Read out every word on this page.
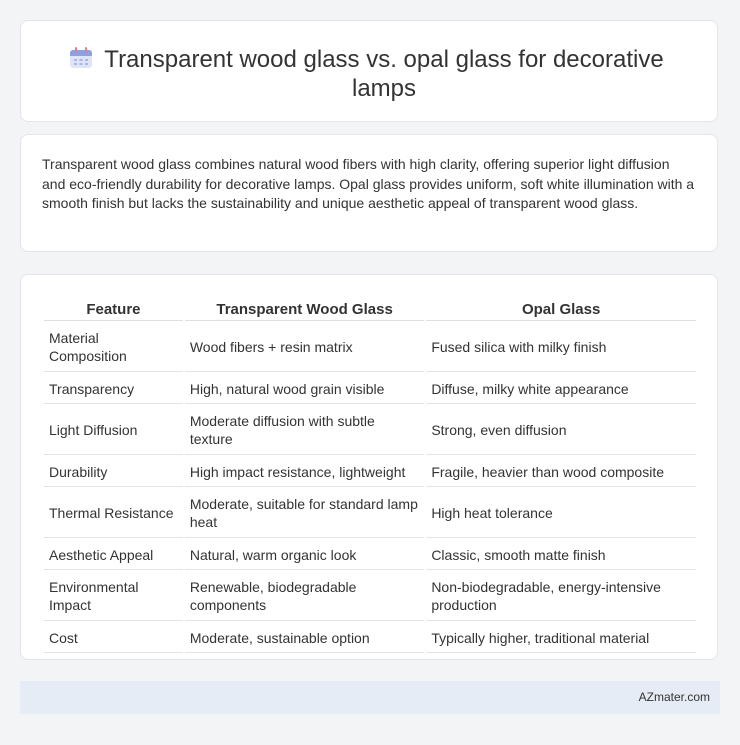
Transparent wood glass vs. opal glass for decorative lamps

Transparent wood glass combines natural wood fibers with high clarity, offering superior light diffusion and eco-friendly durability for decorative lamps. Opal glass provides uniform, soft white illumination with a smooth finish but lacks the sustainability and unique aesthetic appeal of transparent wood glass.

Feature	Transparent Wood Glass	Opal Glass
Material Composition	Wood fibers + resin matrix	Fused silica with milky finish
Transparency	High, natural wood grain visible	Diffuse, milky white appearance
Light Diffusion	Moderate diffusion with subtle texture	Strong, even diffusion
Durability	High impact resistance, lightweight	Fragile, heavier than wood composite
Thermal Resistance	Moderate, suitable for standard lamp heat	High heat tolerance
Aesthetic Appeal	Natural, warm organic look	Classic, smooth matte finish
Environmental Impact	Renewable, biodegradable components	Non-biodegradable, energy-intensive production
Cost	Moderate, sustainable option	Typically higher, traditional material
AZmater.com
